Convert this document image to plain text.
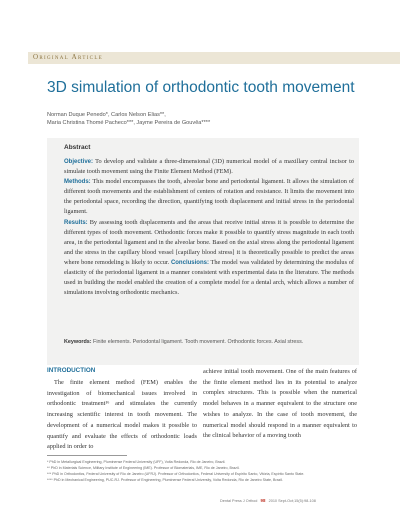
Original Article
3D simulation of orthodontic tooth movement
Norman Duque Penedo*, Carlos Nelson Elias**,
Maria Christina Thomé Pacheco***, Jayme Pereira de Gouvêa****
Abstract
Objective: To develop and validate a three-dimensional (3D) numerical model of a maxillary central incisor to simulate tooth movement using the Finite Element Method (FEM).
Methods: This model encompasses the tooth, alveolar bone and periodontal ligament. It allows the simulation of different tooth movements and the establishment of centers of rotation and resistance. It limits the movement into the periodontal space, recording the direction, quantifying tooth displacement and initial stress in the periodontal ligament.
Results: By assessing tooth displacements and the areas that receive initial stress it is possible to determine the different types of tooth movement. Orthodontic forces make it possible to quantify stress magnitude in each tooth area, in the periodontal ligament and in the alveolar bone. Based on the axial stress along the periodontal ligament and the stress in the capillary blood vessel [capillary blood stress] it is theoretically possible to predict the areas where bone remodeling is likely to occur. Conclusions: The model was validated by determining the modulus of elasticity of the periodontal ligament in a manner consistent with experimental data in the literature. The methods used in building the model enabled the creation of a complete model for a dental arch, which allows a number of simulations involving orthodontic mechanics.
Keywords: Finite elements. Periodontal ligament. Tooth movement. Orthodontic forces. Axial stress.
INTRODUCTION
The finite element method (FEM) enables the investigation of biomechanical issues involved in orthodontic treatment¹⁶ and stimulates the currently increasing scientific interest in tooth movement. The development of a numerical model makes it possible to quantify and evaluate the effects of orthodontic loads applied in order to
achieve initial tooth movement. One of the main features of the finite element method lies in its potential to analyze complex structures. This is possible when the numerical model behaves in a manner equivalent to the structure one wishes to analyze. In the case of tooth movement, the numerical model should respond in a manner equivalent to the clinical behavior of a moving tooth
* PhD in Metallurgical Engineering, Pluminense Federal University (UFF), Volta Redonda, Rio de Janeiro, Brazil.
** PhD in Materials Science, Military Institute of Engineering (IME). Professor of Biomaterials, IME, Rio de Janeiro, Brazil.
*** PhD in Orthodontics, Federal University of Rio de Janeiro (UFRJ). Professor of Orthodontics, Federal University of Espírito Santo, Vitória, Espírito Santo State.
**** PhD in Mechanical Engineering, PUC-RJ. Professor of Engineering, Pluminense Federal University, Volta Redonda, Rio de Janeiro State, Brazil.
Dental Press J Orthod 98 2010 Sept-Oct;15(5):98-108
